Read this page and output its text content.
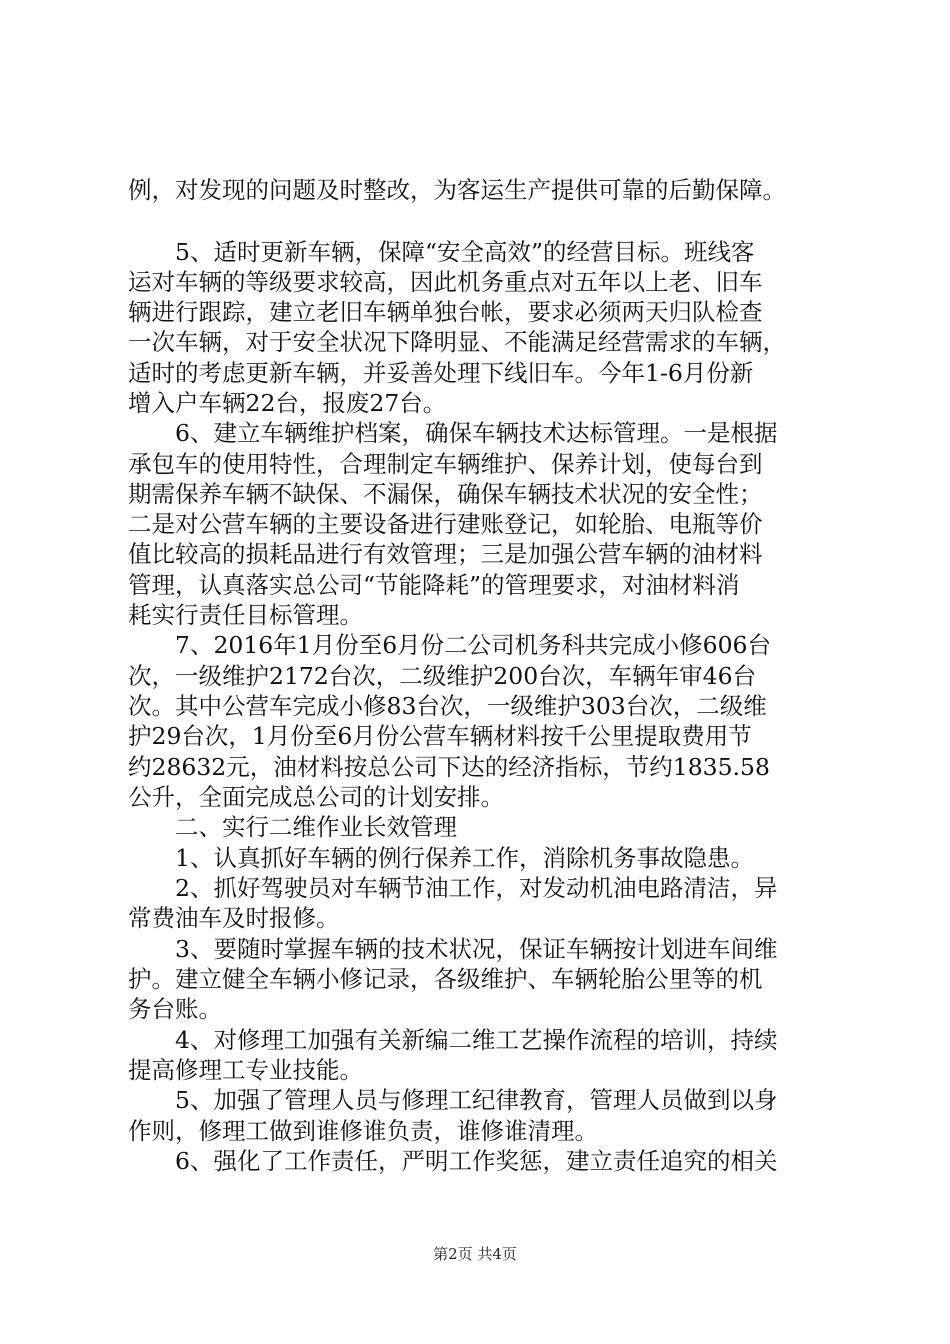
例，对发现的问题及时整改，为客运生产提供可靠的后勤保障。
5、适时更新车辆，保障“安全高效”的经营目标。班线客
运对车辆的等级要求较高，因此机务重点对五年以上老、旧车
辆进行跟踪，建立老旧车辆单独台帐，要求必须两天归队检查
一次车辆，对于安全状况下降明显、不能满足经营需求的车辆，
适时的考虑更新车辆，并妥善处理下线旧车。今年1-6月份新
增入户车辆22台，报废27台。
6、建立车辆维护档案，确保车辆技术达标管理。一是根据
承包车的使用特性，合理制定车辆维护、保养计划，使每台到
期需保养车辆不缺保、不漏保，确保车辆技术状况的安全性；
二是对公营车辆的主要设备进行建账登记，如轮胎、电瓶等价
值比较高的损耗品进行有效管理；三是加强公营车辆的油材料
管理，认真落实总公司“节能降耗”的管理要求，对油材料消
耗实行责任目标管理。
7、2016年1月份至6月份二公司机务科共完成小修606台
次，一级维护2172台次，二级维护200台次，车辆年审46台
次。其中公营车完成小修83台次，一级维护303台次，二级维
护29台次，1月份至6月份公营车辆材料按千公里提取费用节
约28632元，油材料按总公司下达的经济指标，节约1835.58
公升，全面完成总公司的计划安排。
二、实行二维作业长效管理
1、认真抓好车辆的例行保养工作，消除机务事故隐患。
2、抓好驾驶员对车辆节油工作，对发动机油电路清洁，异
常费油车及时报修。
3、要随时掌握车辆的技术状况，保证车辆按计划进车间维
护。建立健全车辆小修记录，各级维护、车辆轮胎公里等的机
务台账。
4、对修理工加强有关新编二维工艺操作流程的培训，持续
提高修理工专业技能。
5、加强了管理人员与修理工纪律教育，管理人员做到以身
作则，修理工做到谁修谁负责，谁修谁清理。
6、强化了工作责任，严明工作奖惩，建立责任追究的相关
第2页 共4页
